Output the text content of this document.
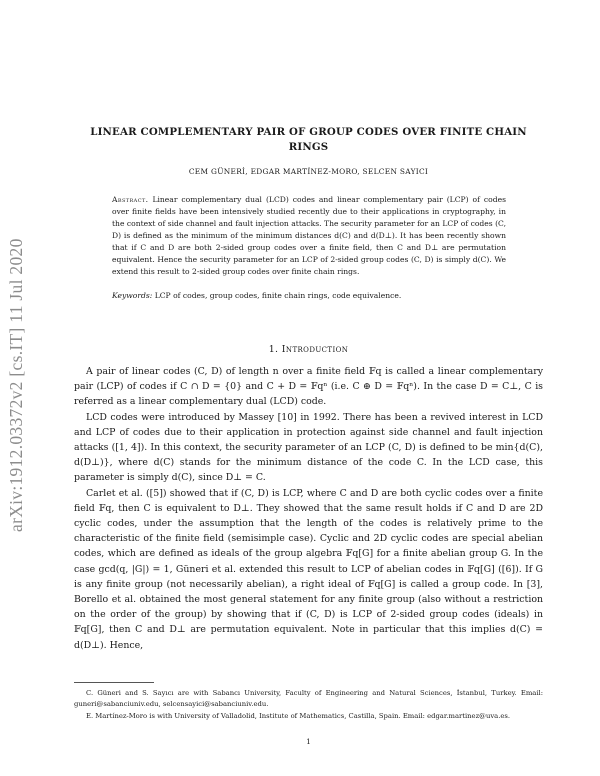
arXiv:1912.03372v2 [cs.IT] 11 Jul 2020
LINEAR COMPLEMENTARY PAIR OF GROUP CODES OVER FINITE CHAIN RINGS
CEM GÜNERİ, EDGAR MARTÍNEZ-MORO, SELCEN SAYICI
Abstract. Linear complementary dual (LCD) codes and linear complementary pair (LCP) of codes over finite fields have been intensively studied recently due to their applications in cryptography, in the context of side channel and fault injection attacks. The security parameter for an LCP of codes (C, D) is defined as the minimum of the minimum distances d(C) and d(D⊥). It has been recently shown that if C and D are both 2-sided group codes over a finite field, then C and D⊥ are permutation equivalent. Hence the security parameter for an LCP of 2-sided group codes (C, D) is simply d(C). We extend this result to 2-sided group codes over finite chain rings.
Keywords: LCP of codes, group codes, finite chain rings, code equivalence.
1. Introduction

A pair of linear codes (C, D) of length n over a finite field 𝔽q is called a linear complementary pair (LCP) of codes if C ∩ D = {0} and C + D = 𝔽qⁿ (i.e. C ⊕ D = 𝔽qⁿ). In the case D = C⊥, C is referred as a linear complementary dual (LCD) code.

LCD codes were introduced by Massey [10] in 1992. There has been a revived interest in LCD and LCP of codes due to their application in protection against side channel and fault injection attacks ([1, 4]). In this context, the security parameter of an LCP (C, D) is defined to be min{d(C), d(D⊥)}, where d(C) stands for the minimum distance of the code C. In the LCD case, this parameter is simply d(C), since D⊥ = C.

Carlet et al. ([5]) showed that if (C, D) is LCP, where C and D are both cyclic codes over a finite field 𝔽q, then C is equivalent to D⊥. They showed that the same result holds if C and D are 2D cyclic codes, under the assumption that the length of the codes is relatively prime to the characteristic of the finite field (semisimple case). Cyclic and 2D cyclic codes are special abelian codes, which are defined as ideals of the group algebra 𝔽q[G] for a finite abelian group G. In the case gcd(q, |G|) = 1, Güneri et al. extended this result to LCP of abelian codes in 𝔽q[G] ([6]). If G is any finite group (not necessarily abelian), a right ideal of 𝔽q[G] is called a group code. In [3], Borello et al. obtained the most general statement for any finite group (also without a restriction on the order of the group) by showing that if (C, D) is LCP of 2-sided group codes (ideals) in 𝔽q[G], then C and D⊥ are permutation equivalent. Note in particular that this implies d(C) = d(D⊥). Hence,

C. Güneri and S. Sayıcı are with Sabancı University, Faculty of Engineering and Natural Sciences, İstanbul, Turkey. Email: guneri@sabanciuniv.edu, selcensayici@sabanciuniv.edu.

E. Martínez-Moro is with University of Valladolid, Institute of Mathematics, Castilla, Spain. Email: edgar.martinez@uva.es.

1
